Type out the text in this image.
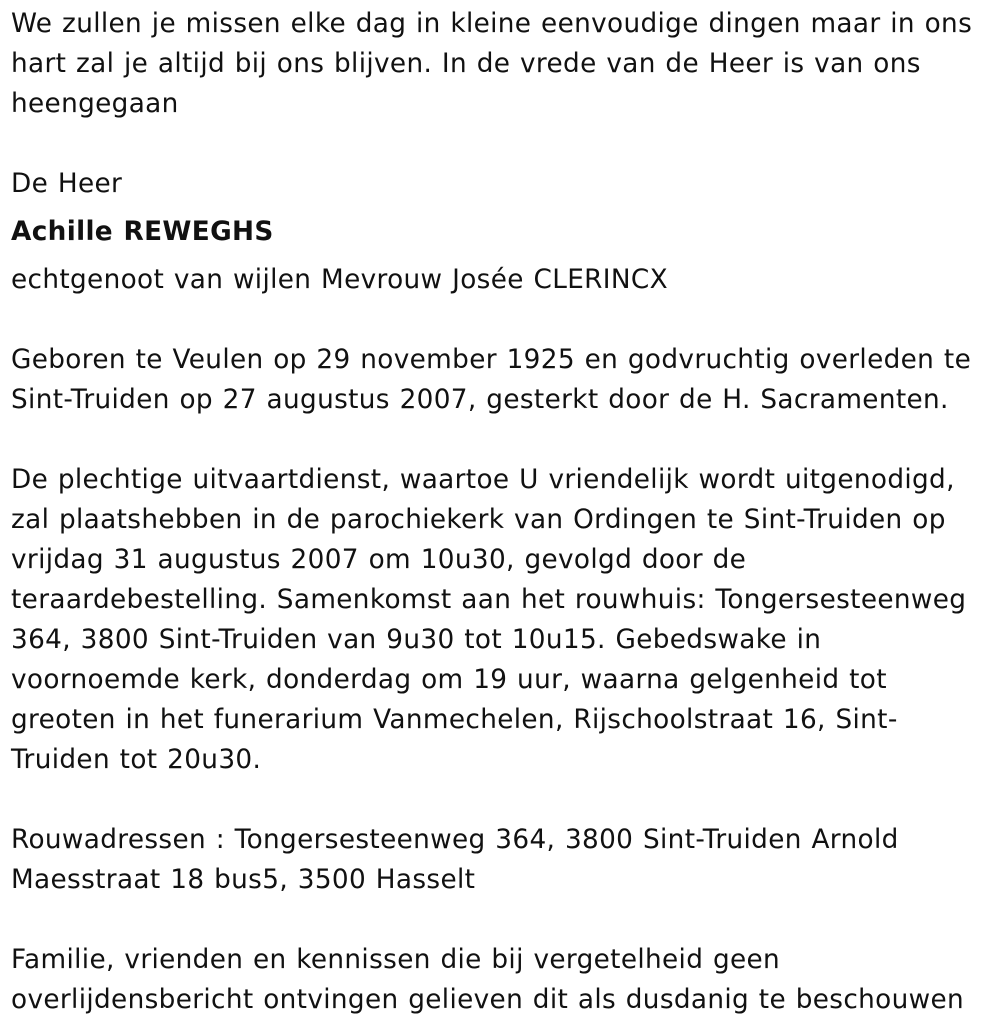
We zullen je missen elke dag in kleine eenvoudige dingen maar in ons hart zal je altijd bij ons blijven. In de vrede van de Heer is van ons heengegaan

De Heer

Achille REWEGHS

echtgenoot van wijlen Mevrouw Josée CLERINCX

Geboren te Veulen op 29 november 1925 en godvruchtig overleden te Sint-Truiden op 27 augustus 2007, gesterkt door de H. Sacramenten.

De plechtige uitvaartdienst, waartoe U vriendelijk wordt uitgenodigd, zal plaatshebben in de parochiekerk van Ordingen te Sint-Truiden op vrijdag 31 augustus 2007 om 10u30, gevolgd door de teraardebestelling. Samenkomst aan het rouwhuis: Tongersesteenweg 364, 3800 Sint-Truiden van 9u30 tot 10u15. Gebedswake in voornoemde kerk, donderdag om 19 uur, waarna gelgenheid tot greoten in het funerarium Vanmechelen, Rijschoolstraat 16, Sint-Truiden tot 20u30.

Rouwadressen : Tongersesteenweg 364, 3800 Sint-Truiden Arnold Maesstraat 18 bus5, 3500 Hasselt

Familie, vrienden en kennissen die bij vergetelheid geen overlijdensbericht ontvingen gelieven dit als dusdanig te beschouwen
